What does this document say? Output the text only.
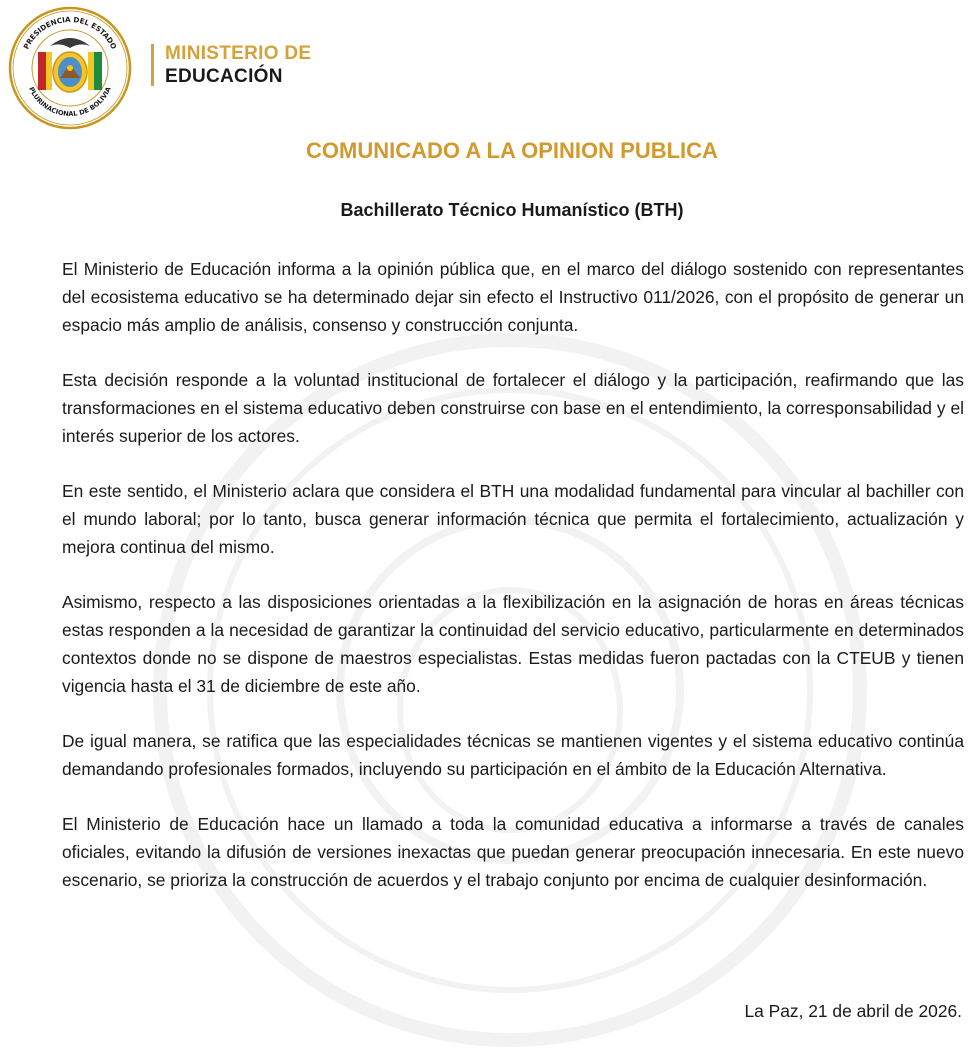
PRESIDENCIA DEL ESTADO
PLURINACIONAL DE BOLIVIA
MINISTERIO DE
EDUCACIÓN
COMUNICADO A LA OPINION PUBLICA
Bachillerato Técnico Humanístico (BTH)

El Ministerio de Educación informa a la opinión pública que, en el marco del diálogo sostenido con representantes del ecosistema educativo se ha determinado dejar sin efecto el Instructivo 011/2026, con el propósito de generar un espacio más amplio de análisis, consenso y construcción conjunta.

Esta decisión responde a la voluntad institucional de fortalecer el diálogo y la participación, reafirmando que las transformaciones en el sistema educativo deben construirse con base en el entendimiento, la corresponsabilidad y el interés superior de los actores.

En este sentido, el Ministerio aclara que considera el BTH una modalidad fundamental para vincular al bachiller con el mundo laboral; por lo tanto, busca generar información técnica que permita el fortalecimiento, actualización y mejora continua del mismo.

Asimismo, respecto a las disposiciones orientadas a la flexibilización en la asignación de horas en áreas técnicas estas responden a la necesidad de garantizar la continuidad del servicio educativo, particularmente en determinados contextos donde no se dispone de maestros especialistas. Estas medidas fueron pactadas con la CTEUB y tienen vigencia hasta el 31 de diciembre de este año.

De igual manera, se ratifica que las especialidades técnicas se mantienen vigentes y el sistema educativo continúa demandando profesionales formados, incluyendo su participación en el ámbito de la Educación Alternativa.

El Ministerio de Educación hace un llamado a toda la comunidad educativa a informarse a través de canales oficiales, evitando la difusión de versiones inexactas que puedan generar preocupación innecesaria. En este nuevo escenario, se prioriza la construcción de acuerdos y el trabajo conjunto por encima de cualquier desinformación.

La Paz, 21 de abril de 2026.
